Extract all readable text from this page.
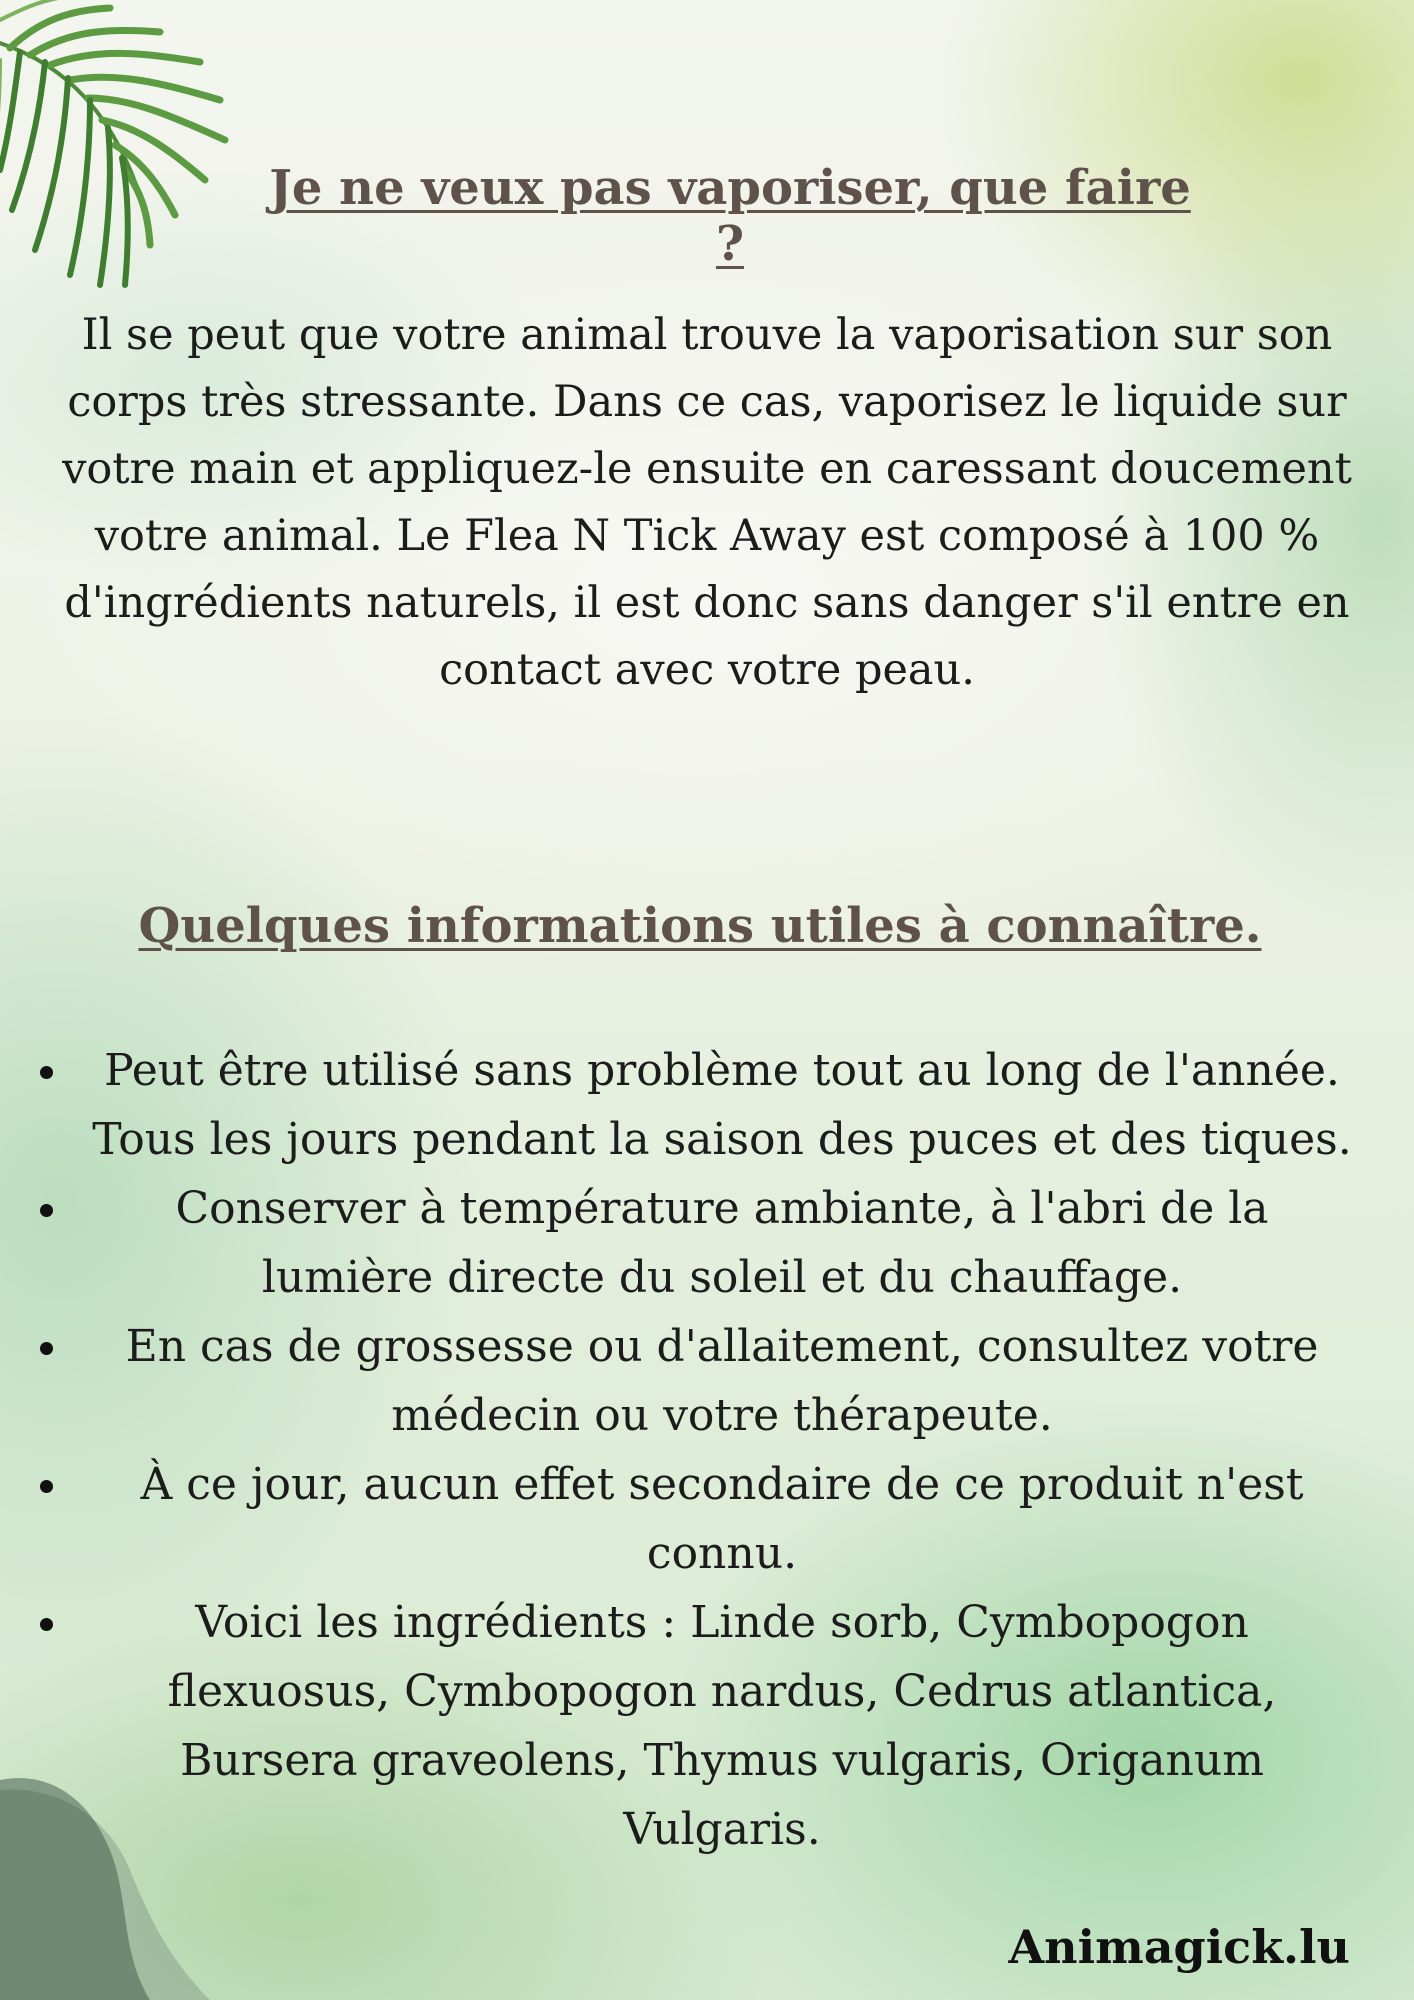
Je ne veux pas vaporiser, que faire ?

Il se peut que votre animal trouve la vaporisation sur son corps très stressante. Dans ce cas, vaporisez le liquide sur votre main et appliquez-le ensuite en caressant doucement votre animal. Le Flea N Tick Away est composé à 100 % d'ingrédients naturels, il est donc sans danger s'il entre en contact avec votre peau.

Quelques informations utiles à connaître.
Peut être utilisé sans problème tout au long de l'année. Tous les jours pendant la saison des puces et des tiques.
Conserver à température ambiante, à l'abri de la lumière directe du soleil et du chauffage.
En cas de grossesse ou d'allaitement, consultez votre médecin ou votre thérapeute.
À ce jour, aucun effet secondaire de ce produit n'est connu.
Voici les ingrédients : Linde sorb, Cymbopogon flexuosus, Cymbopogon nardus, Cedrus atlantica, Bursera graveolens, Thymus vulgaris, Origanum Vulgaris.
Animagick.lu
